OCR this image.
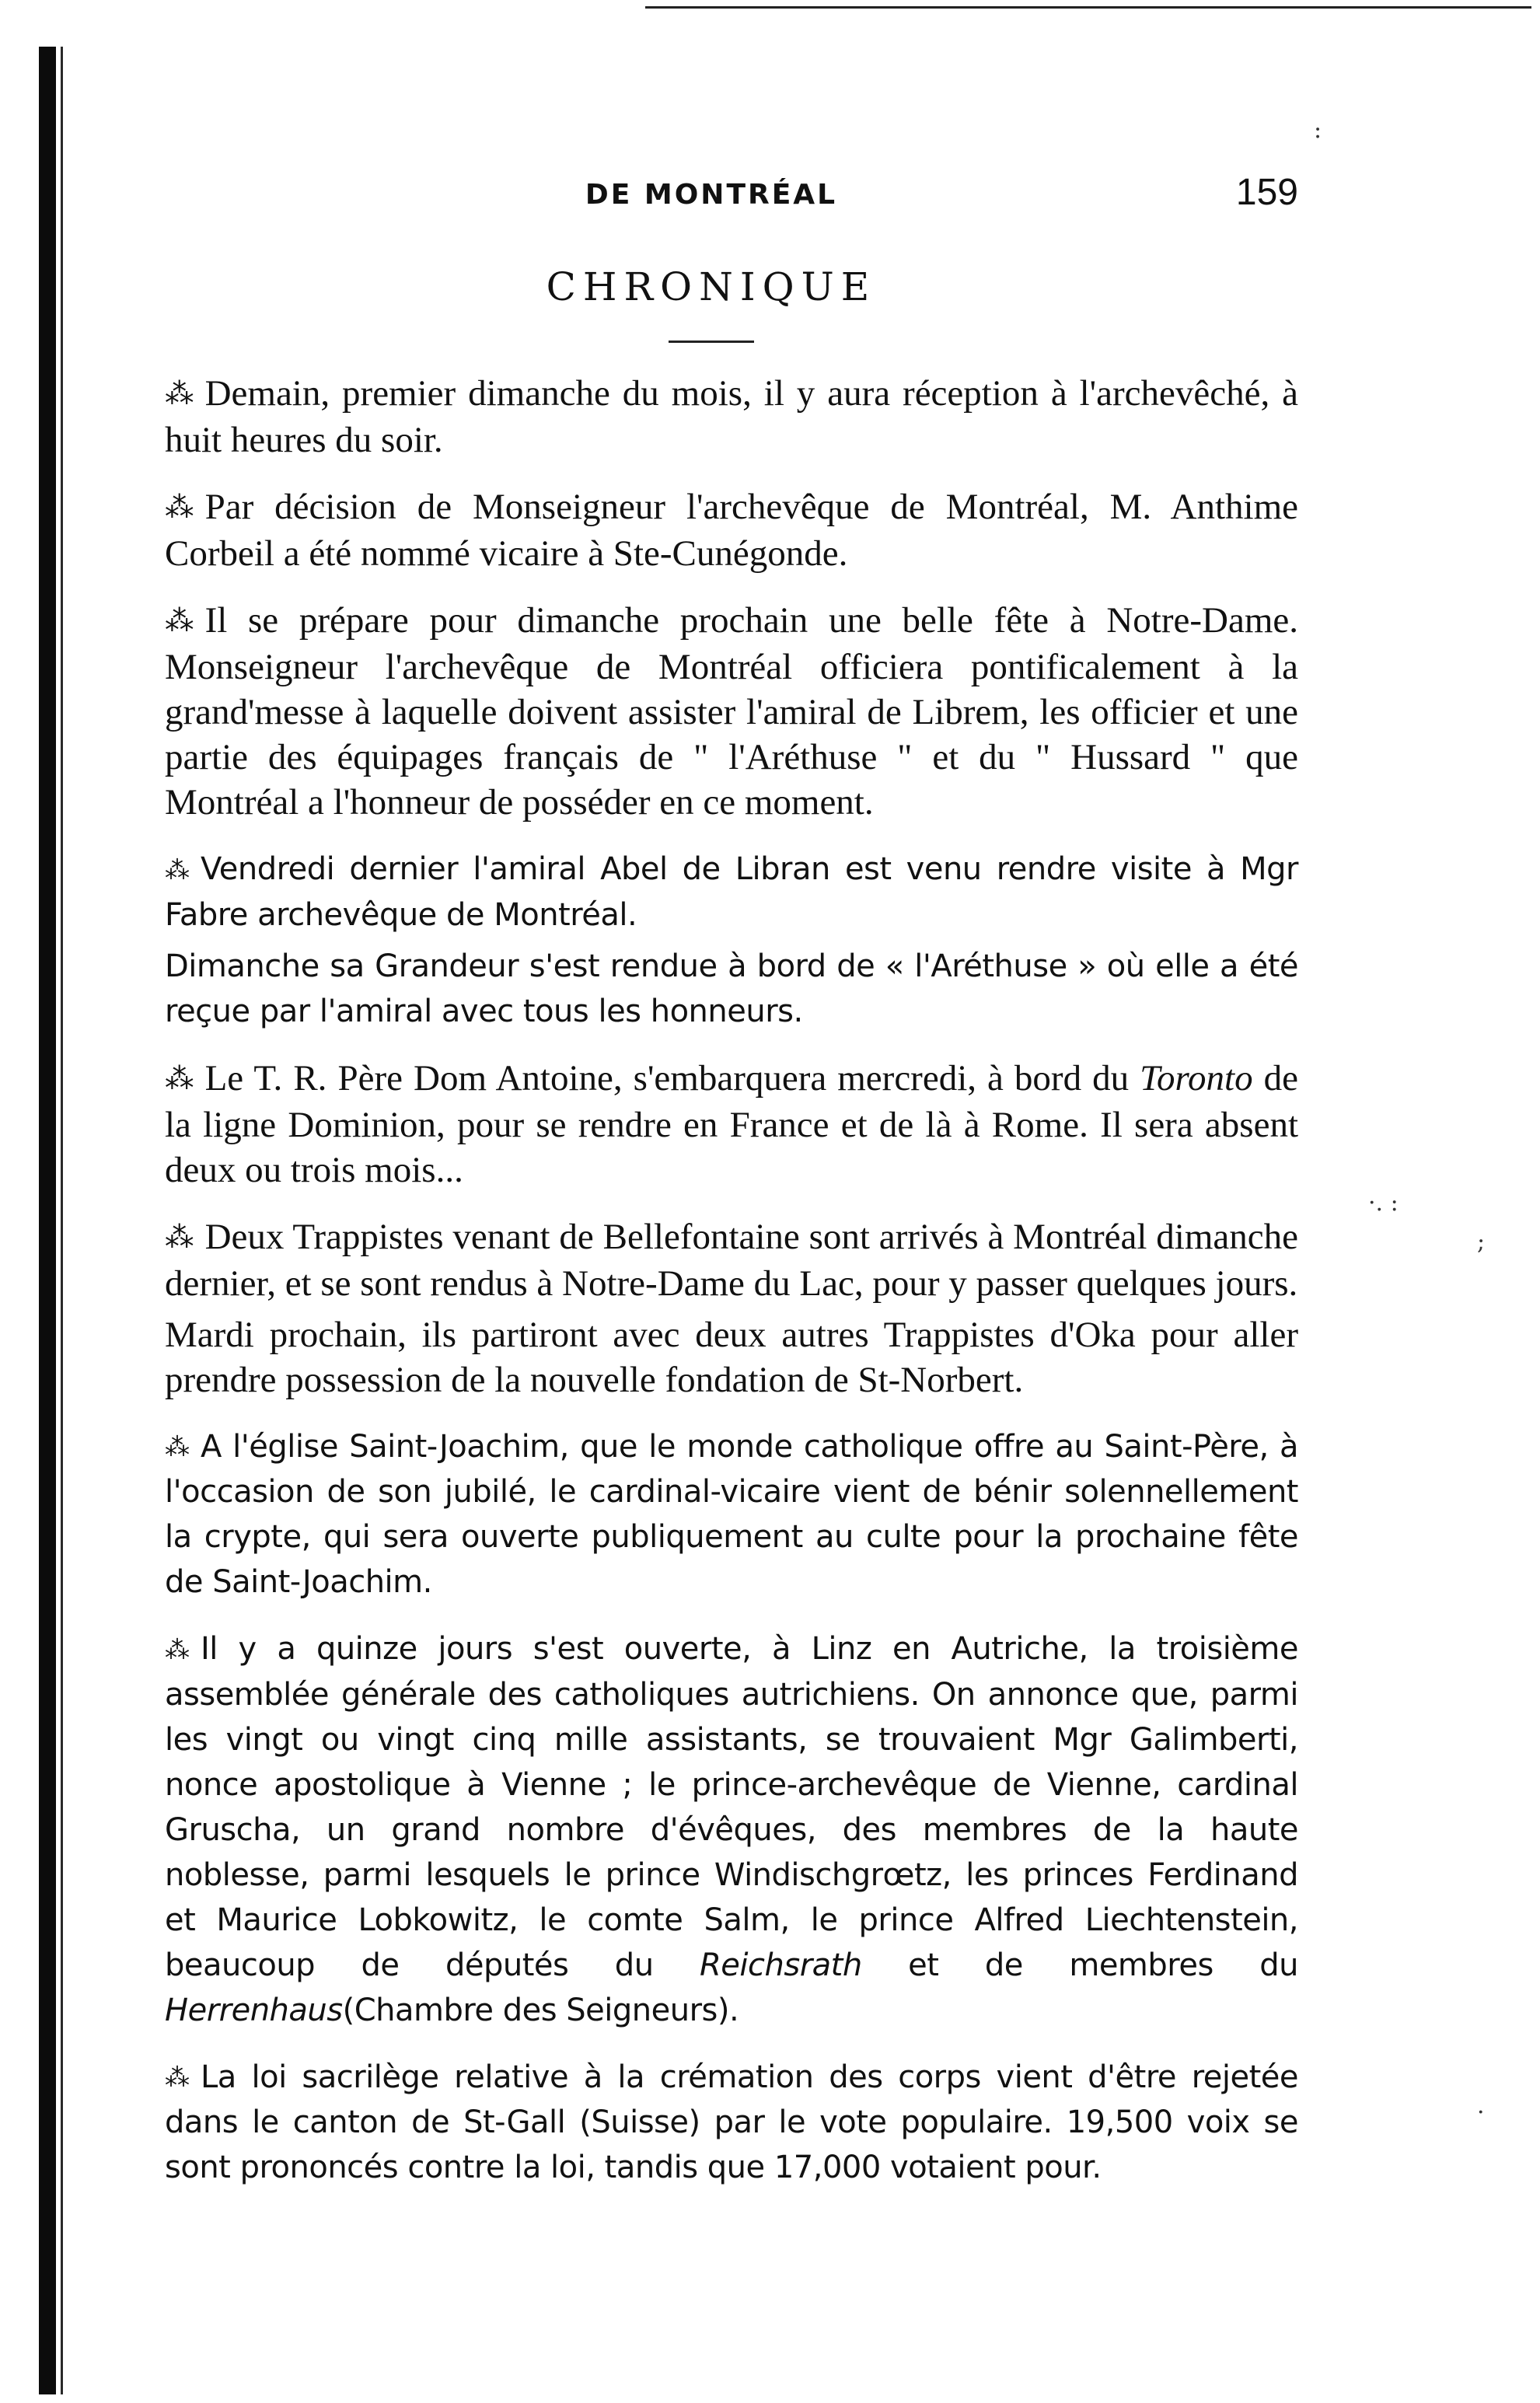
DE MONTRÉAL	159
CHRONIQUE

⁂ Demain, premier dimanche du mois, il y aura réception à l'archevêché, à huit heures du soir.

⁂ Par décision de Monseigneur l'archevêque de Montréal, M. Anthime Corbeil a été nommé vicaire à Ste-Cunégonde.

⁂ Il se prépare pour dimanche prochain une belle fête à Notre-Dame. Monseigneur l'archevêque de Montréal officiera pontificalement à la grand'messe à laquelle doivent assister l'amiral de Librem, les officier et une partie des équipages français de " l'Aréthuse " et du " Hussard " que Montréal a l'honneur de posséder en ce moment.

⁂ Vendredi dernier l'amiral Abel de Libran est venu rendre visite à Mgr Fabre archevêque de Montréal.

Dimanche sa Grandeur s'est rendue à bord de « l'Aréthuse » où elle a été reçue par l'amiral avec tous les honneurs.

⁂ Le T. R. Père Dom Antoine, s'embarquera mercredi, à bord du Toronto de la ligne Dominion, pour se rendre en France et de là à Rome. Il sera absent deux ou trois mois...

⁂ Deux Trappistes venant de Bellefontaine sont arrivés à Montréal dimanche dernier, et se sont rendus à Notre-Dame du Lac, pour y passer quelques jours.

Mardi prochain, ils partiront avec deux autres Trappistes d'Oka pour aller prendre possession de la nouvelle fondation de St-Norbert.

⁂ A l'église Saint-Joachim, que le monde catholique offre au Saint-Père, à l'occasion de son jubilé, le cardinal-vicaire vient de bénir solennellement la crypte, qui sera ouverte publiquement au culte pour la prochaine fête de Saint-Joachim.

⁂ Il y a quinze jours s'est ouverte, à Linz en Autriche, la troisième assemblée générale des catholiques autrichiens. On annonce que, parmi les vingt ou vingt cinq mille assistants, se trouvaient Mgr Galimberti, nonce apostolique à Vienne ; le prince-archevêque de Vienne, cardinal Gruscha, un grand nombre d'évêques, des membres de la haute noblesse, parmi lesquels le prince Windischgrœtz, les princes Ferdinand et Maurice Lobkowitz, le comte Salm, le prince Alfred Liechtenstein, beaucoup de députés du Reichsrath et de membres du Herrenhaus(Chambre des Seigneurs).

⁂ La loi sacrilège relative à la crémation des corps vient d'être rejetée dans le canton de St-Gall (Suisse) par le vote populaire. 19,500 voix se sont prononcés contre la loi, tandis que 17,000 votaient pour.

:
·. :
;
·
